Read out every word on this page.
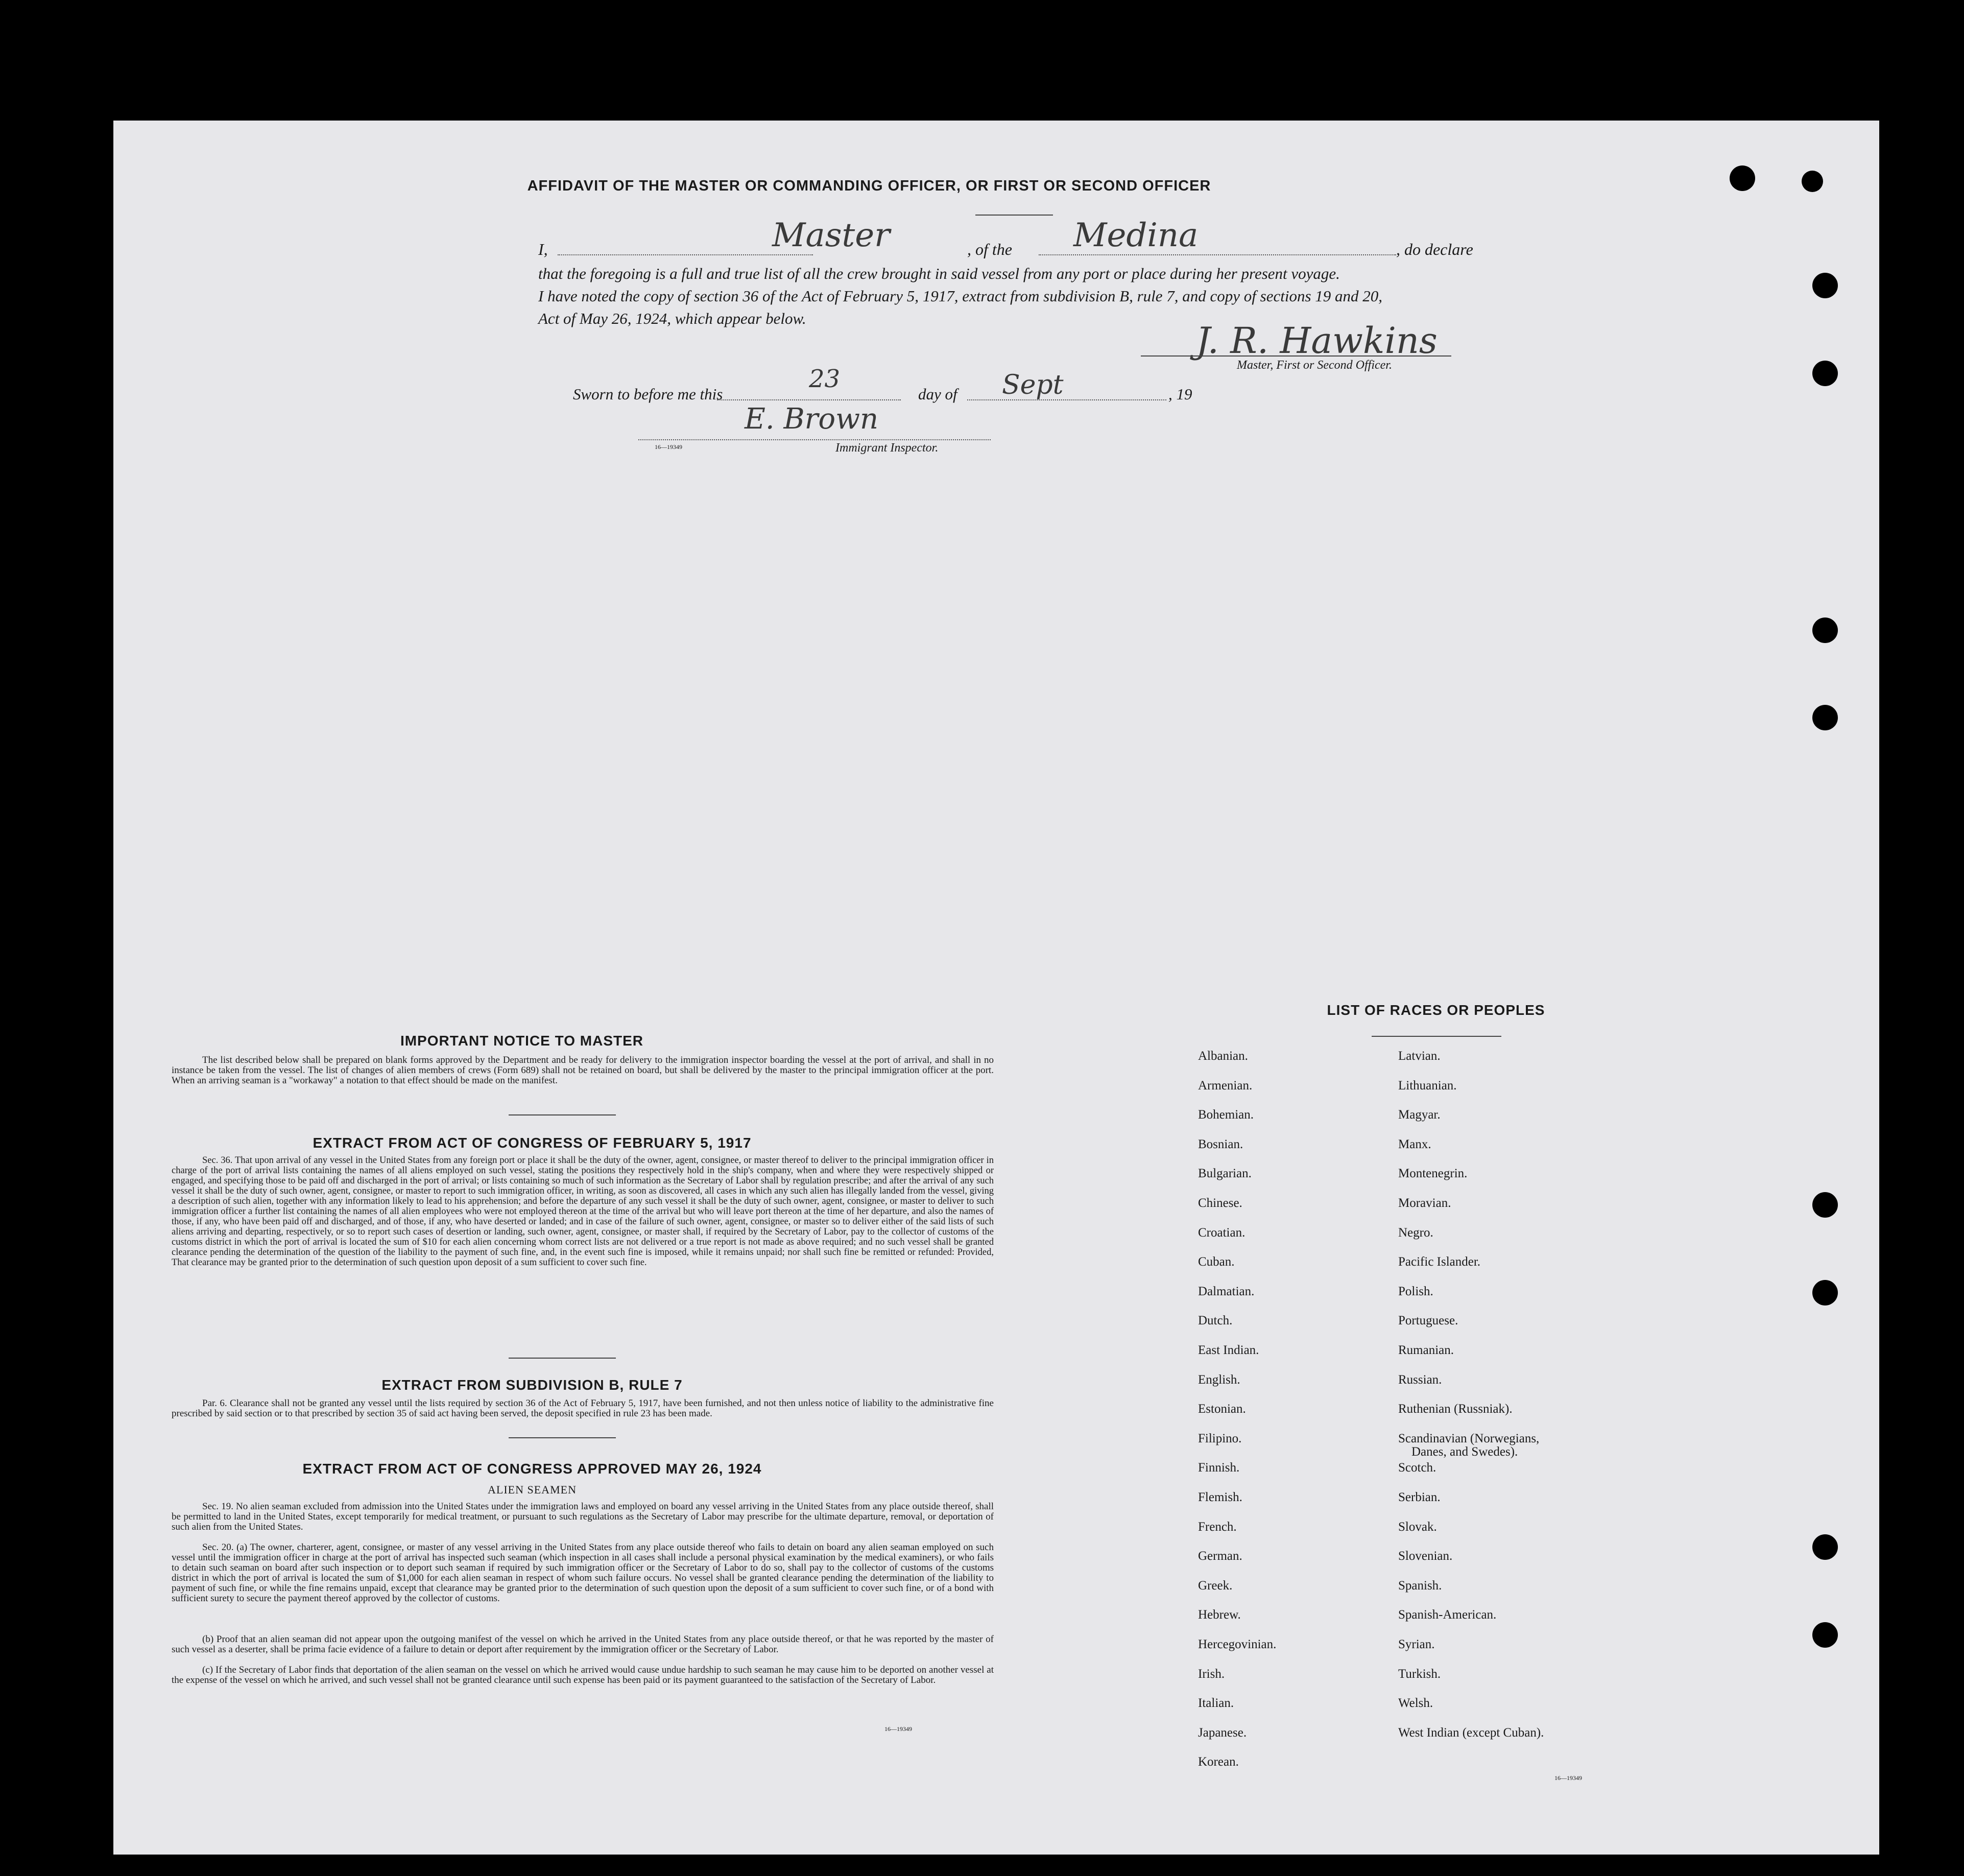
AFFIDAVIT OF THE MASTER OR COMMANDING OFFICER, OR FIRST OR SECOND OFFICER
I,	Master	, of the Medina	, do declare
that the foregoing is a full and true list of all the crew brought in said vessel from any port or place during her present voyage.
I have noted the copy of section 36 of the Act of February 5, 1917, extract from subdivision B, rule 7, and copy of sections 19 and 20,
Act of May 26, 1924, which appear below.
J. R. Hawkins
Master, First or Second Officer.
Sworn to before me this
23
day of Sept	, 19
E. Brown
16—19349	Immigrant Inspector.
IMPORTANT NOTICE TO MASTER
The list described below shall be prepared on blank forms approved by the Department and be ready for delivery to the immigration inspector boarding the vessel at the port of arrival, and shall in no instance be taken from the vessel. The list of changes of alien members of crews (Form 689) shall not be retained on board, but shall be delivered by the master to the principal immigration officer at the port. When an arriving seaman is a "workaway" a notation to that effect should be made on the manifest.
EXTRACT FROM ACT OF CONGRESS OF FEBRUARY 5, 1917
Sec. 36. That upon arrival of any vessel in the United States from any foreign port or place it shall be the duty of the owner, agent, consignee, or master thereof to deliver to the principal immigration officer in charge of the port of arrival lists containing the names of all aliens employed on such vessel, stating the positions they respectively hold in the ship's company, when and where they were respectively shipped or engaged, and specifying those to be paid off and discharged in the port of arrival; or lists containing so much of such information as the Secretary of Labor shall by regulation prescribe; and after the arrival of any such vessel it shall be the duty of such owner, agent, consignee, or master to report to such immigration officer, in writing, as soon as discovered, all cases in which any such alien has illegally landed from the vessel, giving a description of such alien, together with any information likely to lead to his apprehension; and before the departure of any such vessel it shall be the duty of such owner, agent, consignee, or master to deliver to such immigration officer a further list containing the names of all alien employees who were not employed thereon at the time of the arrival but who will leave port thereon at the time of her departure, and also the names of those, if any, who have been paid off and discharged, and of those, if any, who have deserted or landed; and in case of the failure of such owner, agent, consignee, or master so to deliver either of the said lists of such aliens arriving and departing, respectively, or so to report such cases of desertion or landing, such owner, agent, consignee, or master shall, if required by the Secretary of Labor, pay to the collector of customs of the customs district in which the port of arrival is located the sum of $10 for each alien concerning whom correct lists are not delivered or a true report is not made as above required; and no such vessel shall be granted clearance pending the determination of the question of the liability to the payment of such fine, and, in the event such fine is imposed, while it remains unpaid; nor shall such fine be remitted or refunded: Provided, That clearance may be granted prior to the determination of such question upon deposit of a sum sufficient to cover such fine.
EXTRACT FROM SUBDIVISION B, RULE 7
Par. 6. Clearance shall not be granted any vessel until the lists required by section 36 of the Act of February 5, 1917, have been furnished, and not then unless notice of liability to the administrative fine prescribed by said section or to that prescribed by section 35 of said act having been served, the deposit specified in rule 23 has been made.
EXTRACT FROM ACT OF CONGRESS APPROVED MAY 26, 1924
ALIEN SEAMEN
Sec. 19. No alien seaman excluded from admission into the United States under the immigration laws and employed on board any vessel arriving in the United States from any place outside thereof, shall be permitted to land in the United States, except temporarily for medical treatment, or pursuant to such regulations as the Secretary of Labor may prescribe for the ultimate departure, removal, or deportation of such alien from the United States.
Sec. 20. (a) The owner, charterer, agent, consignee, or master of any vessel arriving in the United States from any place outside thereof who fails to detain on board any alien seaman employed on such vessel until the immigration officer in charge at the port of arrival has inspected such seaman (which inspection in all cases shall include a personal physical examination by the medical examiners), or who fails to detain such seaman on board after such inspection or to deport such seaman if required by such immigration officer or the Secretary of Labor to do so, shall pay to the collector of customs of the customs district in which the port of arrival is located the sum of $1,000 for each alien seaman in respect of whom such failure occurs. No vessel shall be granted clearance pending the determination of the liability to payment of such fine, or while the fine remains unpaid, except that clearance may be granted prior to the determination of such question upon the deposit of a sum sufficient to cover such fine, or of a bond with sufficient surety to secure the payment thereof approved by the collector of customs.
(b) Proof that an alien seaman did not appear upon the outgoing manifest of the vessel on which he arrived in the United States from any place outside thereof, or that he was reported by the master of such vessel as a deserter, shall be prima facie evidence of a failure to detain or deport after requirement by the immigration officer or the Secretary of Labor.
(c) If the Secretary of Labor finds that deportation of the alien seaman on the vessel on which he arrived would cause undue hardship to such seaman he may cause him to be deported on another vessel at the expense of the vessel on which he arrived, and such vessel shall not be granted clearance until such expense has been paid or its payment guaranteed to the satisfaction of the Secretary of Labor.
16—19349
LIST OF RACES OR PEOPLES
16—19349
Albanian.
Armenian.
Bohemian.
Bosnian.
Bulgarian.
Chinese.
Croatian.
Cuban.
Dalmatian.
Dutch.
East Indian.
English.
Estonian.
Filipino.
Finnish.
Flemish.
French.
German.
Greek.
Hebrew.
Hercegovinian.
Irish.
Italian.
Japanese.
Korean.
Latvian.
Lithuanian.
Magyar.
Manx.
Montenegrin.
Moravian.
Negro.
Pacific Islander.
Polish.
Portuguese.
Rumanian.
Russian.
Ruthenian (Russniak).
Scandinavian (Norwegians,
Danes, and Swedes).
Scotch.
Serbian.
Slovak.
Slovenian.
Spanish.
Spanish-American.
Syrian.
Turkish.
Welsh.
West Indian (except Cuban).
